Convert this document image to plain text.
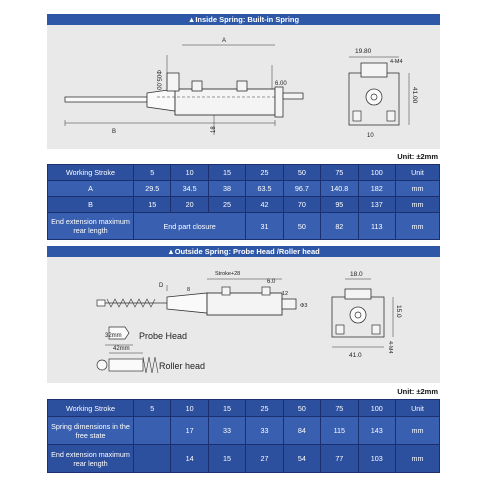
▲Inside Spring: Built-in Spring
A
B
Φ05.00	6.00
18
19.80
4-M4
41.00
10
Unit: ±2mm
Working Stroke	5	10	15	25	50	75	100	Unit
A	29.5	34.5	38	63.5	96.7	140.8	182	mm
B	15	20	25	42	70	95	137	mm
End extension maximum rear length	End part closure			31	50	82	113	mm
▲Outside Spring: Probe Head /Roller head
D
Stroke+28
8
6.0
12
Φ3
32mm Probe Head
42mm
Roller head
18.0
15.0
41.0
4-M4
Unit: ±2mm
Working Stroke	5	10	15	25	50	75	100	Unit
Spring dimensions in the free state		17	33	33	84	115	143	mm
End extension maximum rear length		14	15	27	54	77	103	mm
